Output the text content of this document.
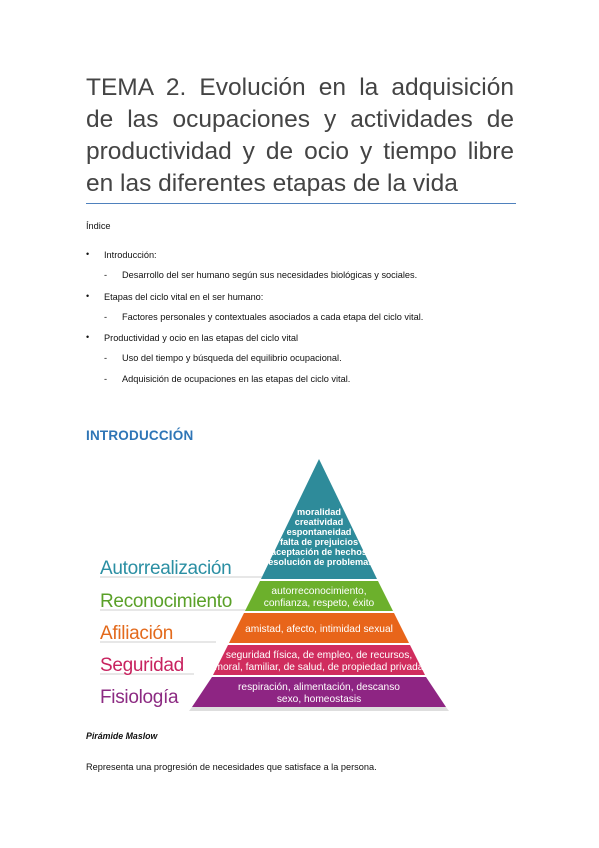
TEMA 2. Evolución en la adquisición de las ocupaciones y actividades de productividad y de ocio y tiempo libre en las diferentes etapas de la vida
Índice
• Introducción:
- Desarrollo del ser humano según sus necesidades biológicas y sociales.
• Etapas del ciclo vital en el ser humano:
- Factores personales y contextuales asociados a cada etapa del ciclo vital.
• Productividad y ocio en las etapas del ciclo vital
- Uso del tiempo y búsqueda del equilibrio ocupacional.
- Adquisición de ocupaciones en las etapas del ciclo vital.
INTRODUCCIÓN
Autorrealización
Reconocimiento
Afiliación
Seguridad
Fisiología
moralidad
creatividad
espontaneidad
falta de prejuicios
aceptación de hechos
resolución de problemas
autorreconocimiento,
confianza, respeto, éxito
amistad, afecto, intimidad sexual
seguridad física, de empleo, de recursos,
moral, familiar, de salud, de propiedad privada
respiración, alimentación, descanso
sexo, homeostasis
Pirámide Maslow
Representa una progresión de necesidades que satisface a la persona.
